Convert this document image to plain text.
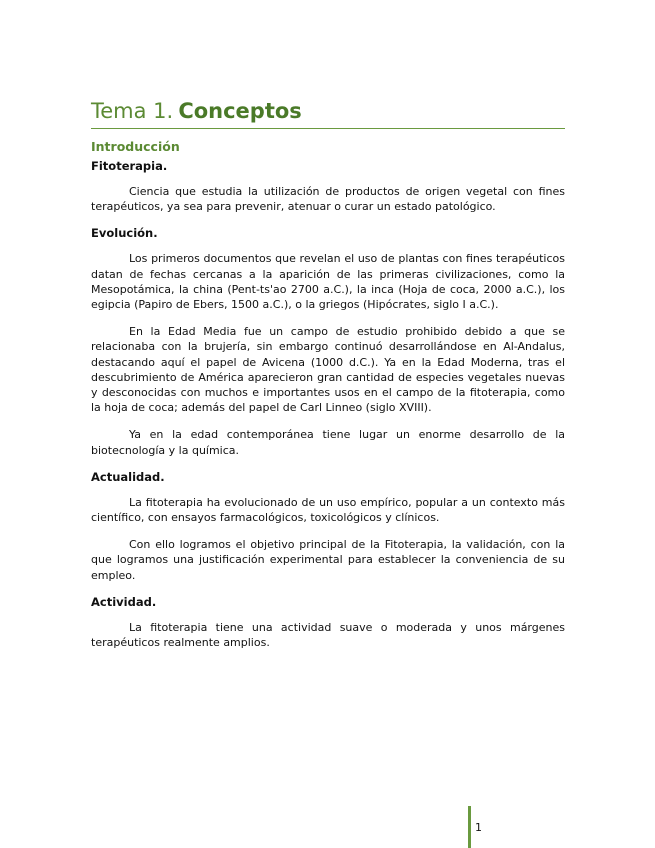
Tema 1. Conceptos
Introducción
Fitoterapia.

Ciencia que estudia la utilización de productos de origen vegetal con fines terapéuticos, ya sea para prevenir, atenuar o curar un estado patológico.

Evolución.

Los primeros documentos que revelan el uso de plantas con fines terapéuticos datan de fechas cercanas a la aparición de las primeras civilizaciones, como la Mesopotámica, la china (Pent-ts'ao 2700 a.C.), la inca (Hoja de coca, 2000 a.C.), los egipcia (Papiro de Ebers, 1500 a.C.), o la griegos (Hipócrates, siglo I a.C.).

En la Edad Media fue un campo de estudio prohibido debido a que se relacionaba con la brujería, sin embargo continuó desarrollándose en Al-Andalus, destacando aquí el papel de Avicena (1000 d.C.). Ya en la Edad Moderna, tras el descubrimiento de América aparecieron gran cantidad de especies vegetales nuevas y desconocidas con muchos e importantes usos en el campo de la fitoterapia, como la hoja de coca; además del papel de Carl Linneo (siglo XVIII).

Ya en la edad contemporánea tiene lugar un enorme desarrollo de la biotecnología y la química.

Actualidad.

La fitoterapia ha evolucionado de un uso empírico, popular a un contexto más científico, con ensayos farmacológicos, toxicológicos y clínicos.

Con ello logramos el objetivo principal de la Fitoterapia, la validación, con la que logramos una justificación experimental para establecer la conveniencia de su empleo.

Actividad.

La fitoterapia tiene una actividad suave o moderada y unos márgenes terapéuticos realmente amplios.

1
